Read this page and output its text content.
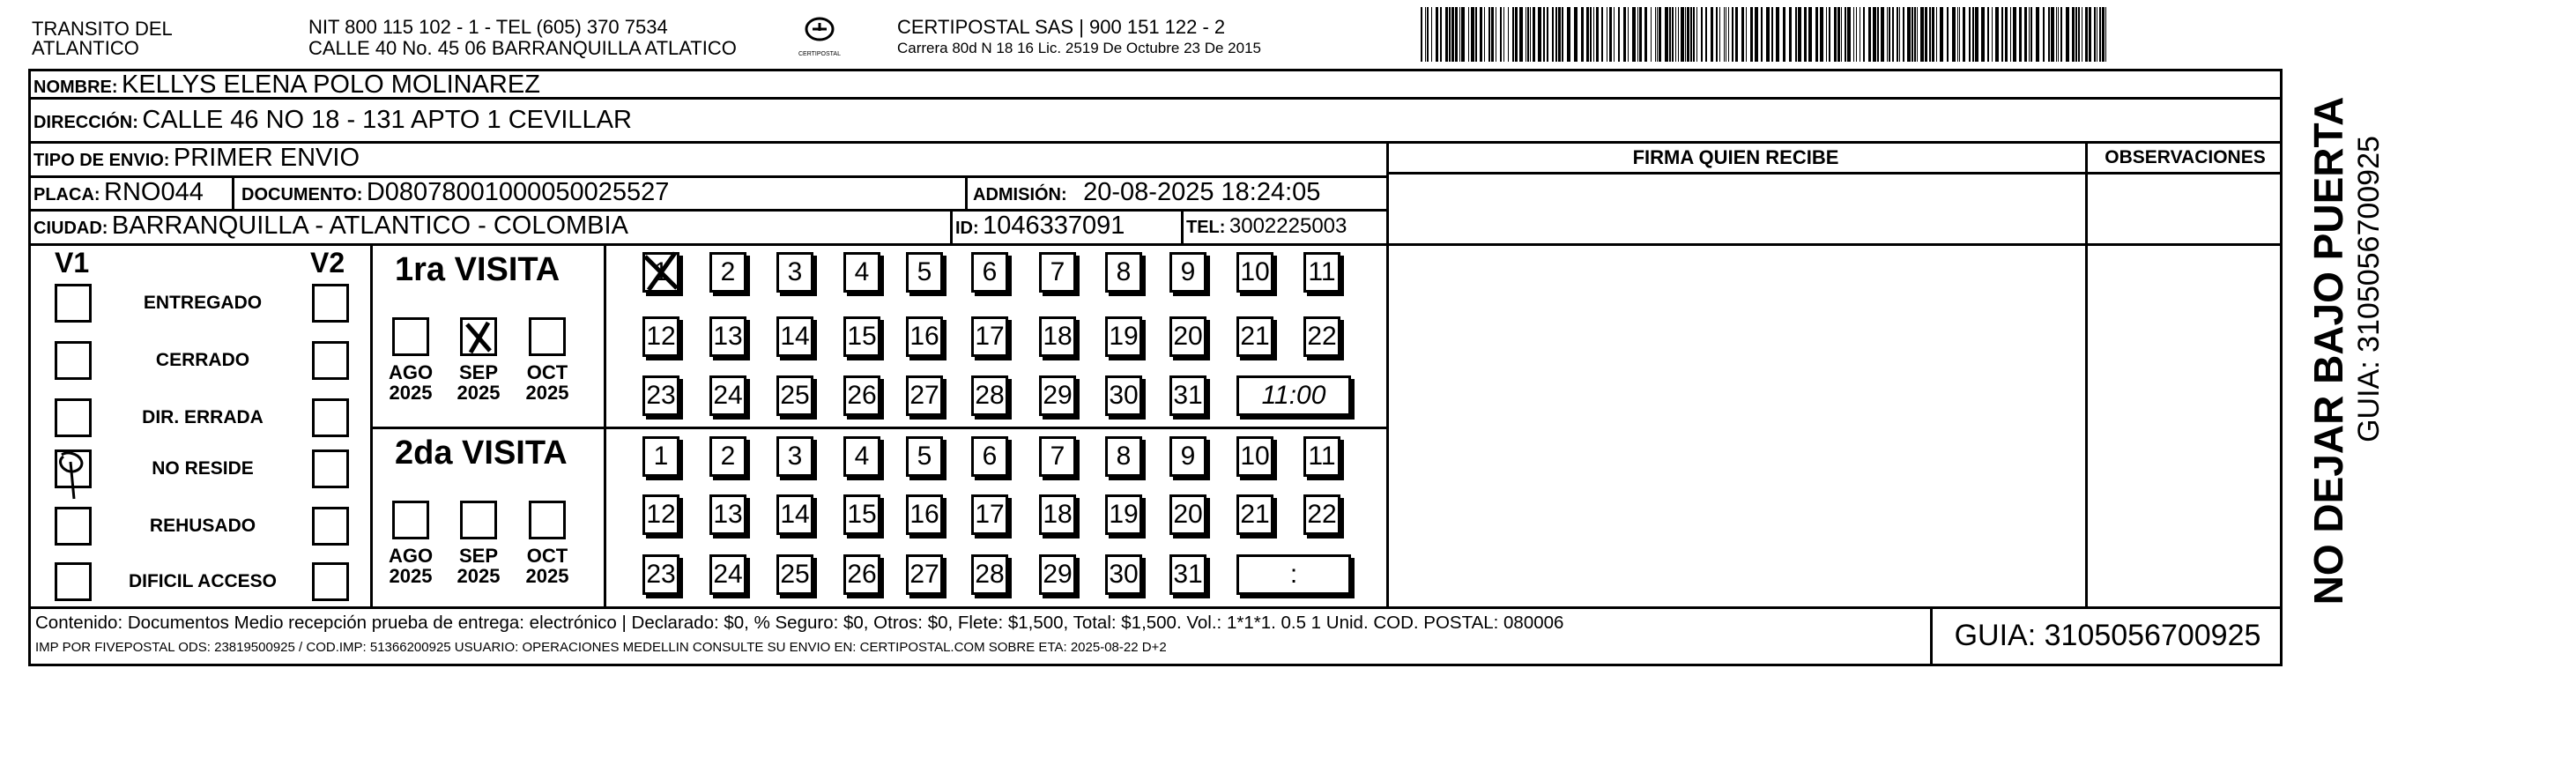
TRANSITO DEL
ATLANTICO
NIT 800 115 102 - 1 - TEL (605) 370 7534
CALLE 40 No. 45 06 BARRANQUILLA ATLATICO	CERTIPOSTAL
CERTIPOSTAL SAS | 900 151 122 - 2
Carrera 80d N 18 16 Lic. 2519 De Octubre 23 De 2015
NOMBRE: KELLYS ELENA POLO MOLINAREZ
DIRECCIÓN: CALLE 46 NO 18 - 131 APTO 1 CEVILLAR
TIPO DE ENVIO: PRIMER ENVIO
PLACA: RNO044 DOCUMENTO: D08078001000050025527	ADMISIÓN: 20-08-2025 18:24:05
CIUDAD: BARRANQUILLA - ATLANTICO - COLOMBIA	ID: 1046337091	TEL: 3002225003
FIRMA QUIEN RECIBE	OBSERVACIONES
V1	V2
ENTREGADO
CERRADO
DIR. ERRADA
NO RESIDE
REHUSADO
DIFICIL ACCESO
1ra VISITA
2da VISITA
AGO
2025
SEP
2025
OCT
2025
AGO
2025
SEP
2025
OCT
2025
1	2	3	4	5	6	7	8	9	10 11
12 13 14 15 16 17 18 19 20 21 22
23 24 25 26 27 28 29 30 31	11:00
1	2	3	4	5	6	7	8	9	10 11
12 13 14 15 16 17 18 19 20 21 22
23 24 25 26 27 28 29 30 31	:
Contenido: Documentos Medio recepción prueba de entrega: electrónico | Declarado: $0, % Seguro: $0, Otros: $0, Flete: $1,500, Total: $1,500. Vol.: 1*1*1. 0.5 1 Unid. COD. POSTAL: 080006
IMP POR FIVEPOSTAL ODS: 23819500925 / COD.IMP: 51366200925 USUARIO: OPERACIONES MEDELLIN CONSULTE SU ENVIO EN: CERTIPOSTAL.COM SOBRE ETA: 2025-08-22 D+2	GUIA: 3105056700925
NO DEJAR BAJO PUERTA GUIA: 3105056700925
